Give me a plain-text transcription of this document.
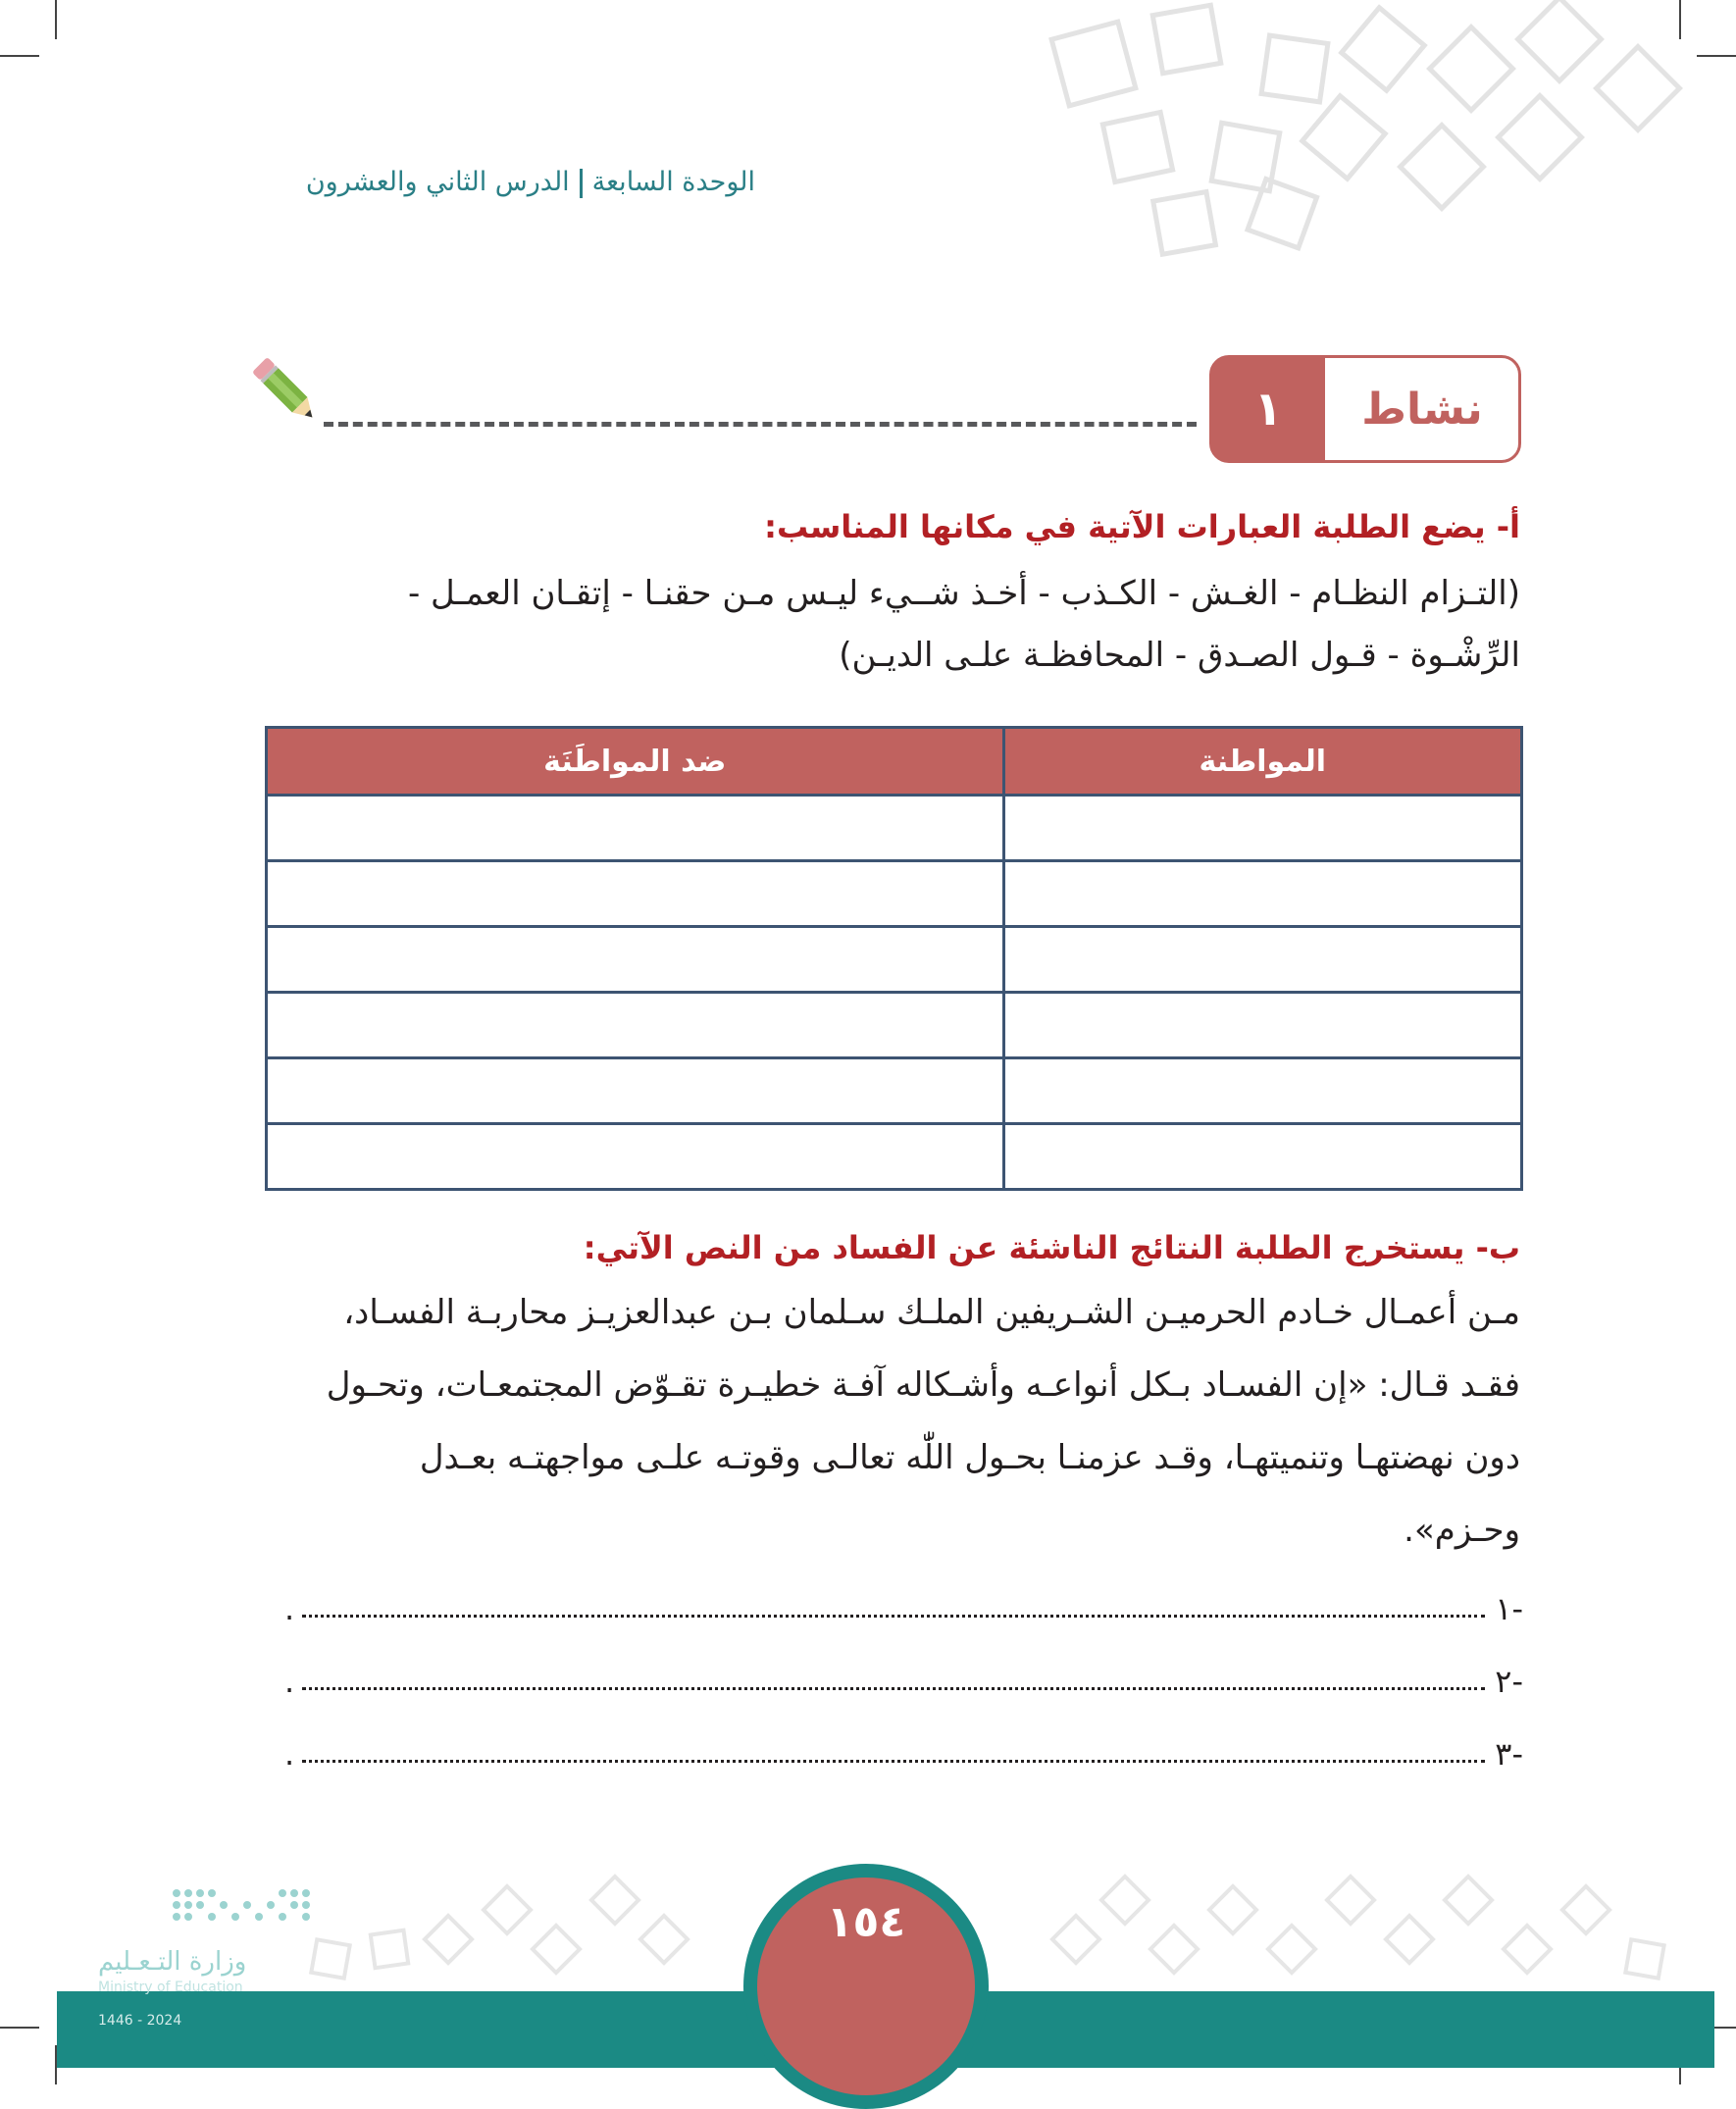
الوحدة السابعةالدرس الثاني والعشرون
١	نشاط
أ- يضع الطلبة العبارات الآتية في مكانها المناسب:
(التـزام النظـام - الغـش - الكـذب - أخـذ شــيء ليـس مـن حقنـا - إتقـان العمـل -
الرِّشْـوة - قـول الصـدق - المحافظـة علـى الديـن)
المواطنة	ضد المواطَنَة

ب- يستخرج الطلبة النتائج الناشئة عن الفساد من النص الآتي:
مـن أعمـال خـادم الحرميـن الشـريفين الملـك سـلمان بـن عبدالعزيـز محاربـة الفسـاد،
فقـد قـال: «إن الفسـاد بـكل أنواعـه وأشـكاله آفـة خطيـرة تقـوّض المجتمعـات، وتحـول
دون نهضتهـا وتنميتهـا، وقـد عزمنـا بحـول اللّٰه تعالـى وقوتـه علـى مواجهتـه بعـدل
وحـزم».
-١
.
-٢
.
-٣
.
١٥٤
وزارة التـعـليم
Ministry of Education
2024 - 1446
